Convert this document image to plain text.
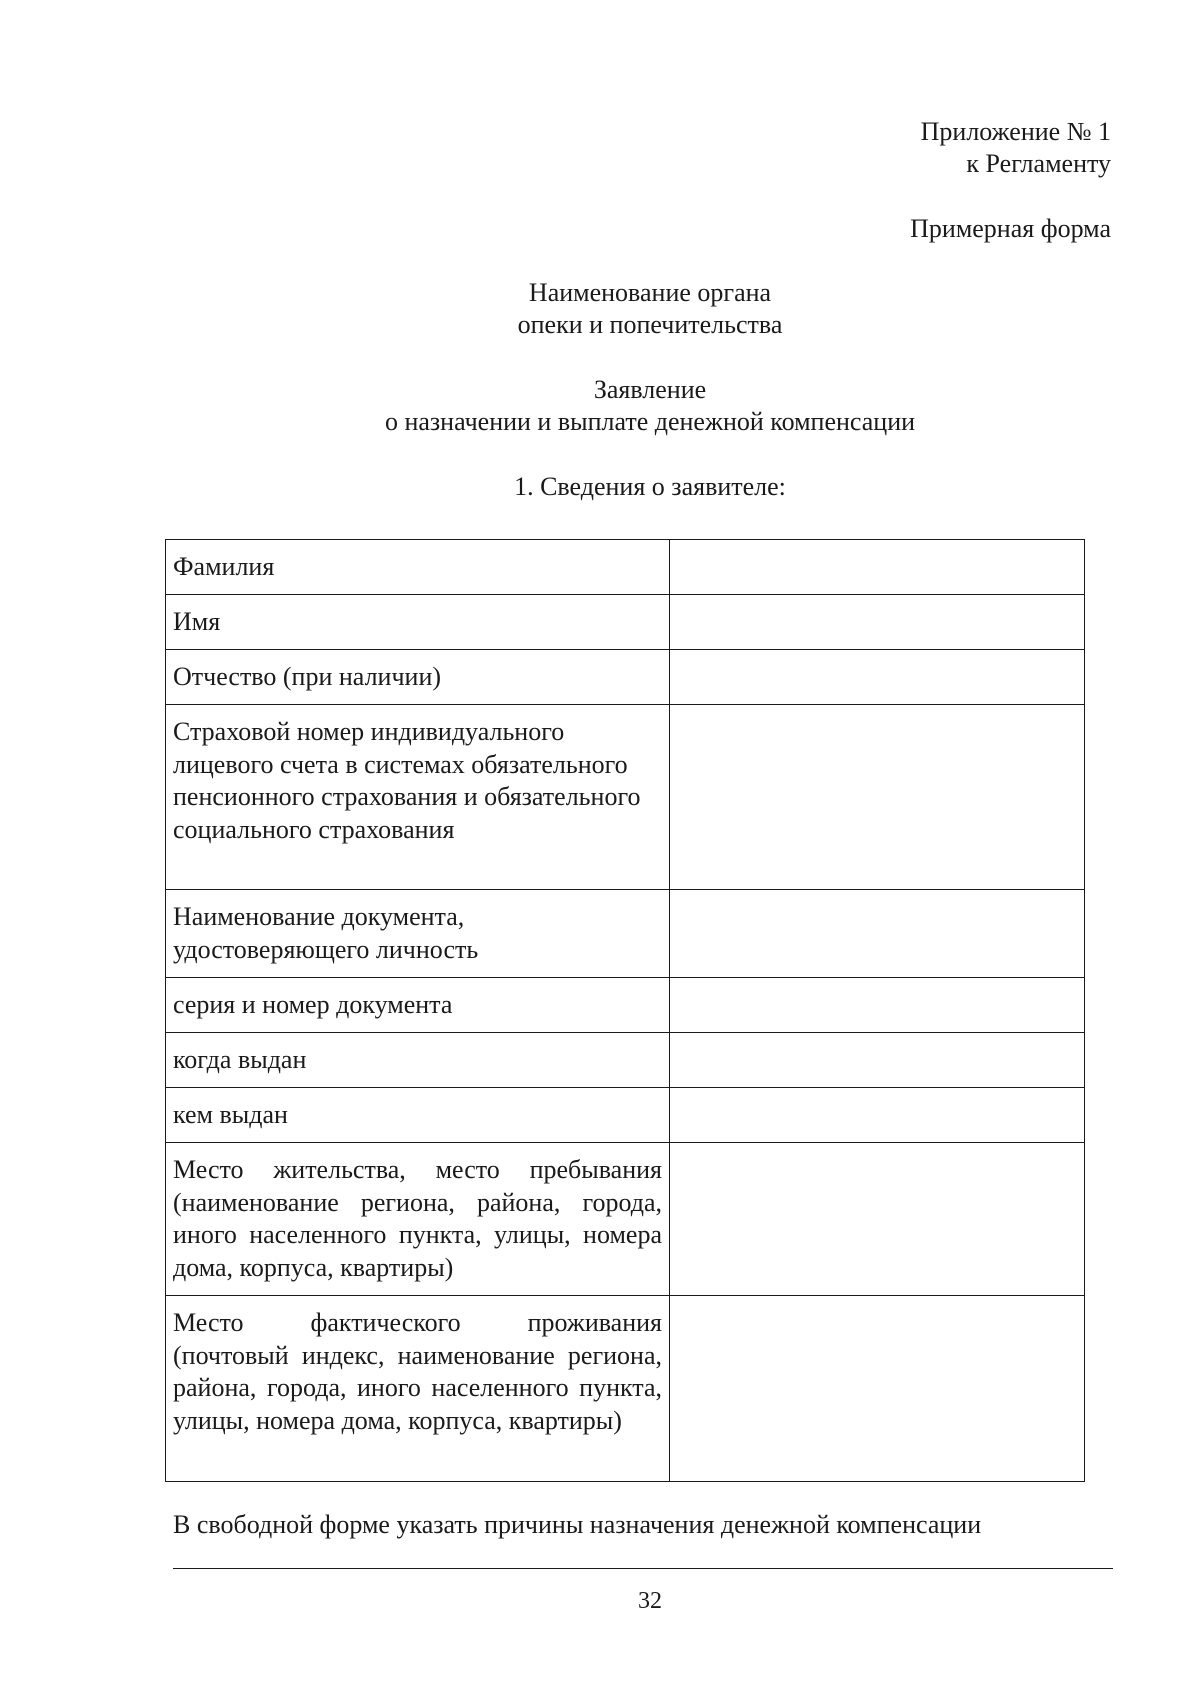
Приложение № 1
к Регламенту
Примерная форма
Наименование органа
опеки и попечительства
Заявление
о назначении и выплате денежной компенсации
1. Сведения о заявителе:
Фамилия	
Имя	
Отчество (при наличии)	
Страховой номер индивидуального лицевого счета в системах обязательного пенсионного страхования и обязательного социального страхования	
Наименование документа, удостоверяющего личность	
серия и номер документа	
когда выдан	
кем выдан	
Место жительства, место пребывания (наименование региона, района, города, иного населенного пункта, улицы, номера дома, корпуса, квартиры)	
Место фактического проживания (почтовый индекс, наименование региона, района, города, иного населенного пункта, улицы, номера дома, корпуса, квартиры)	
В свободной форме указать причины назначения денежной компенсации
32
